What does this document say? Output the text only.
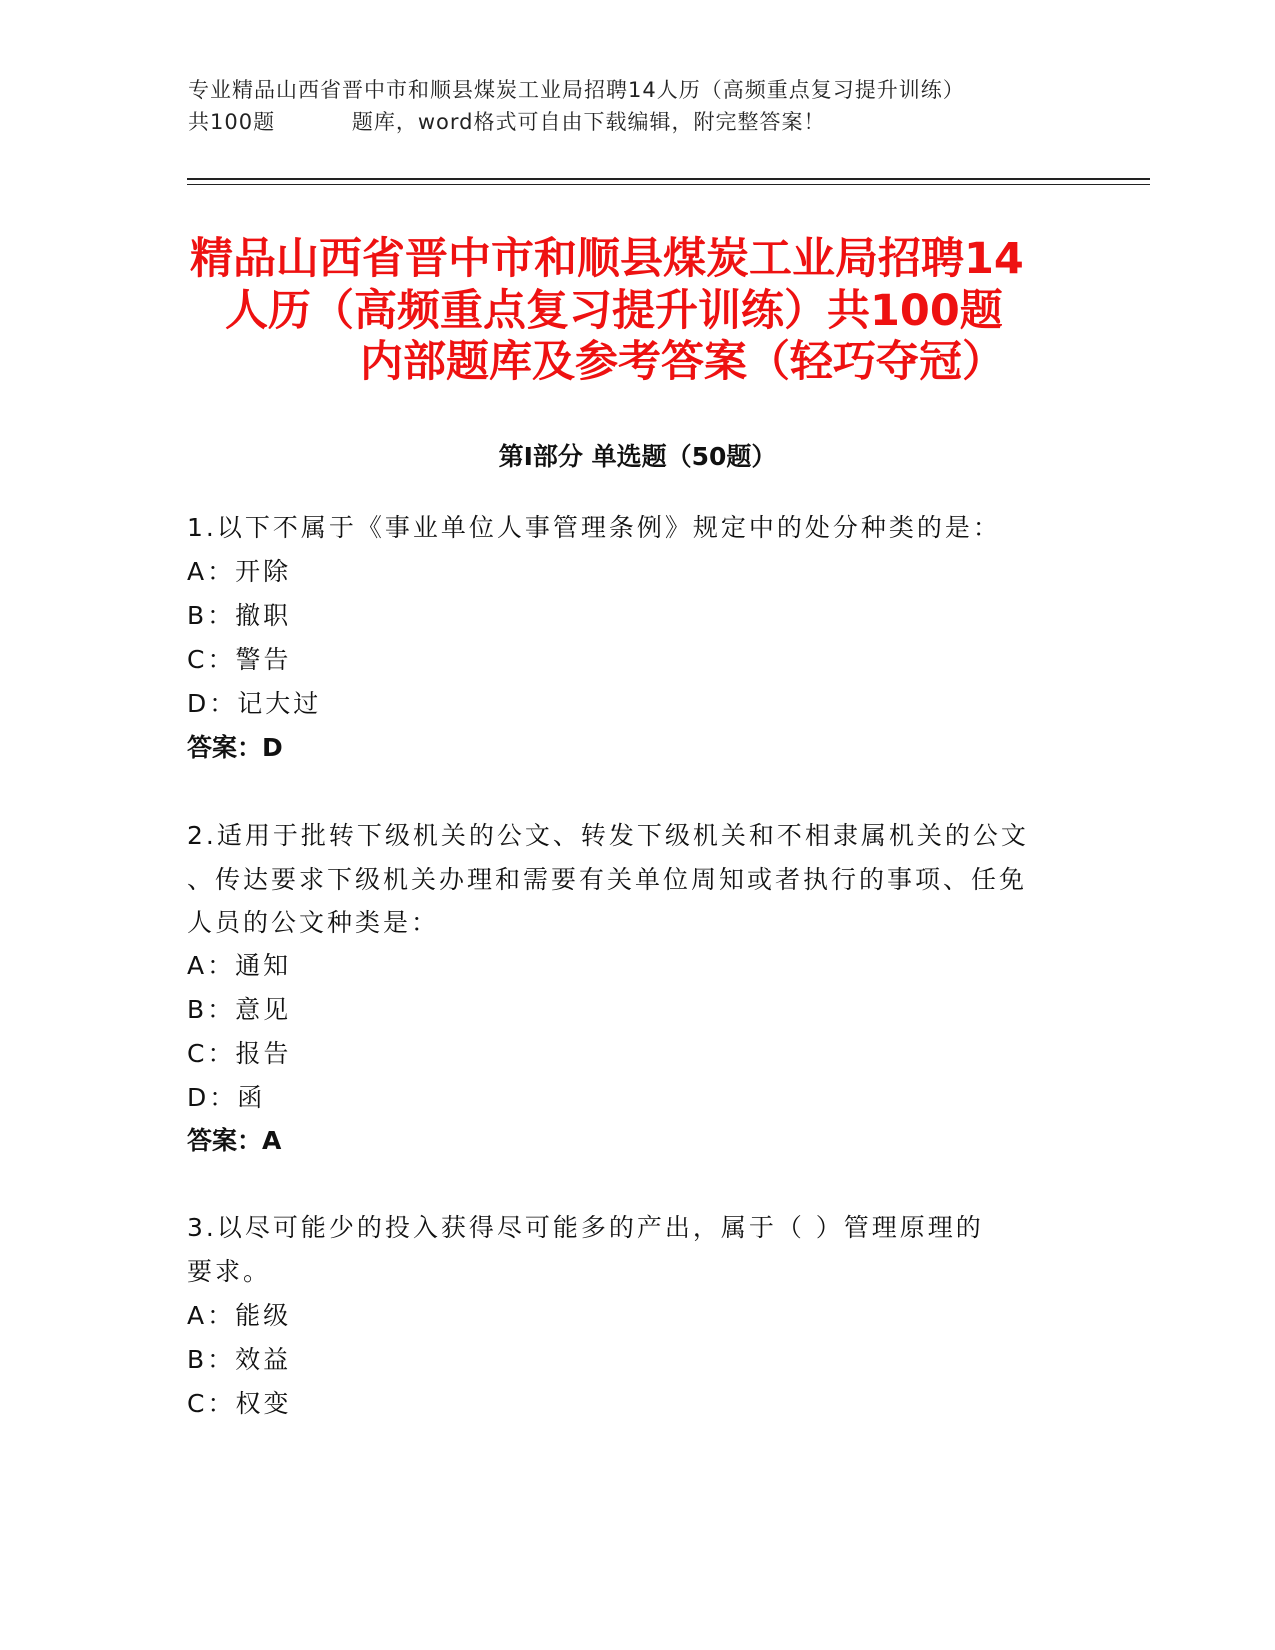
专业精品山西省晋中市和顺县煤炭工业局招聘14人历（高频重点复习提升训练）
共100题          题库，word格式可自由下载编辑，附完整答案！
精品山西省晋中市和顺县煤炭工业局招聘14
人历（高频重点复习提升训练）共100题
内部题库及参考答案（轻巧夺冠）
第Ⅰ部分 单选题（50题）
1.以下不属于《事业单位人事管理条例》规定中的处分种类的是：
A：开除
B：撤职
C：警告
D：记大过
答案：D
2.适用于批转下级机关的公文、转发下级机关和不相隶属机关的公文
、传达要求下级机关办理和需要有关单位周知或者执行的事项、任免
人员的公文种类是：
A：通知
B：意见
C：报告
D：函
答案：A
3.以尽可能少的投入获得尽可能多的产出，属于（ ）管理原理的
要求。
A：能级
B：效益
C：权变
